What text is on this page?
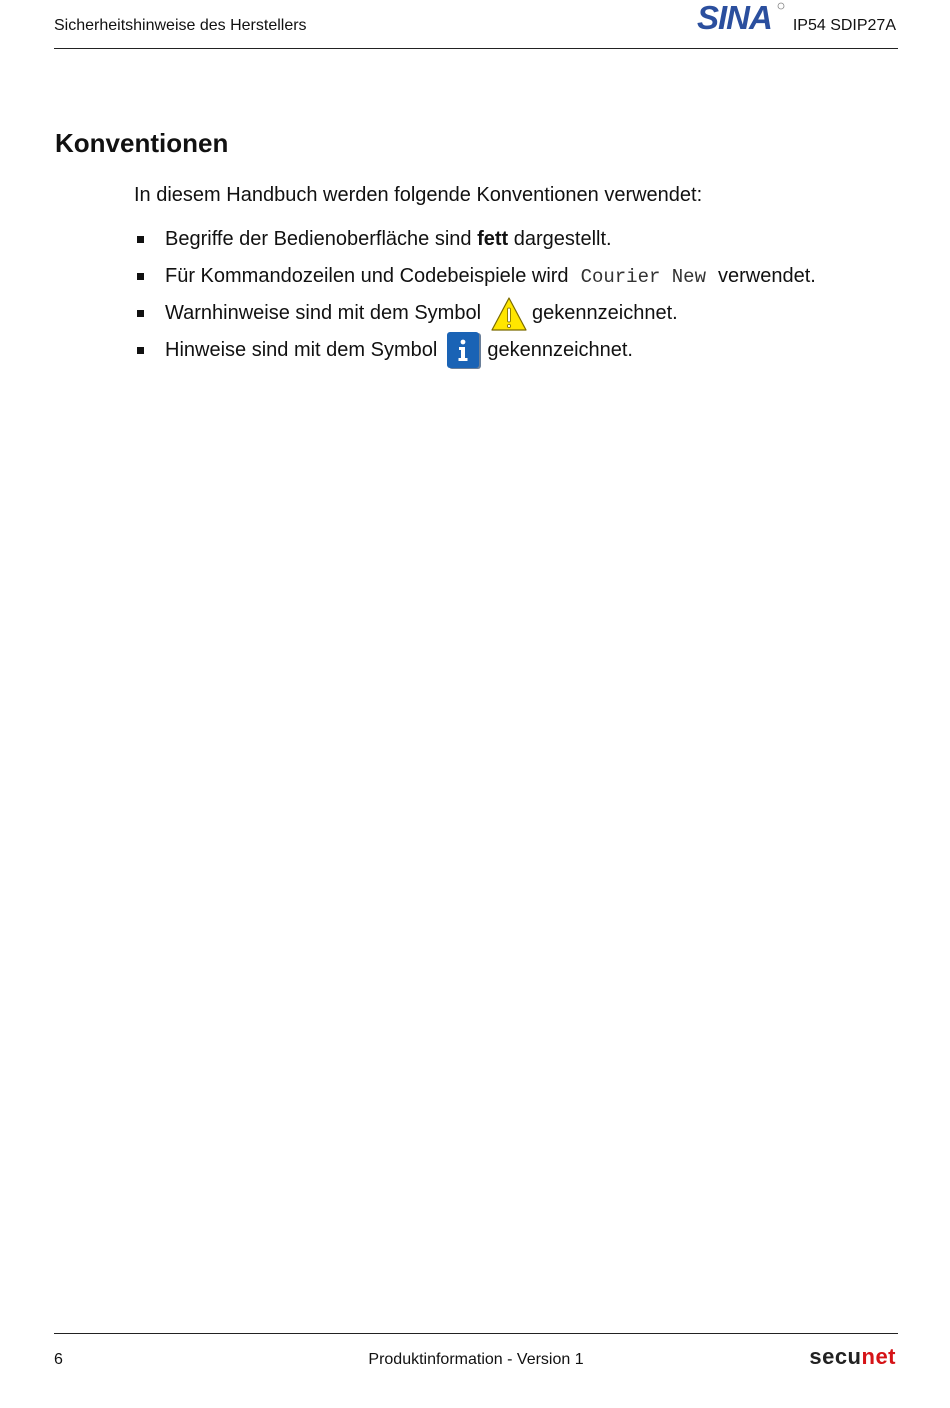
Sicherheitshinweise des Herstellers	SINA IP54 SDIP27A
Konventionen
In diesem Handbuch werden folgende Konventionen verwendet:
Begriffe der Bedienoberfläche sind
fett
dargestellt.
Für Kommandozeilen und Codebeispiele wird Courier New verwendet.
Warnhinweise sind mit dem Symbol	gekennzeichnet.
Hinweise sind mit dem Symbol	gekennzeichnet.
6	Produktinformation - Version 1	secunet
